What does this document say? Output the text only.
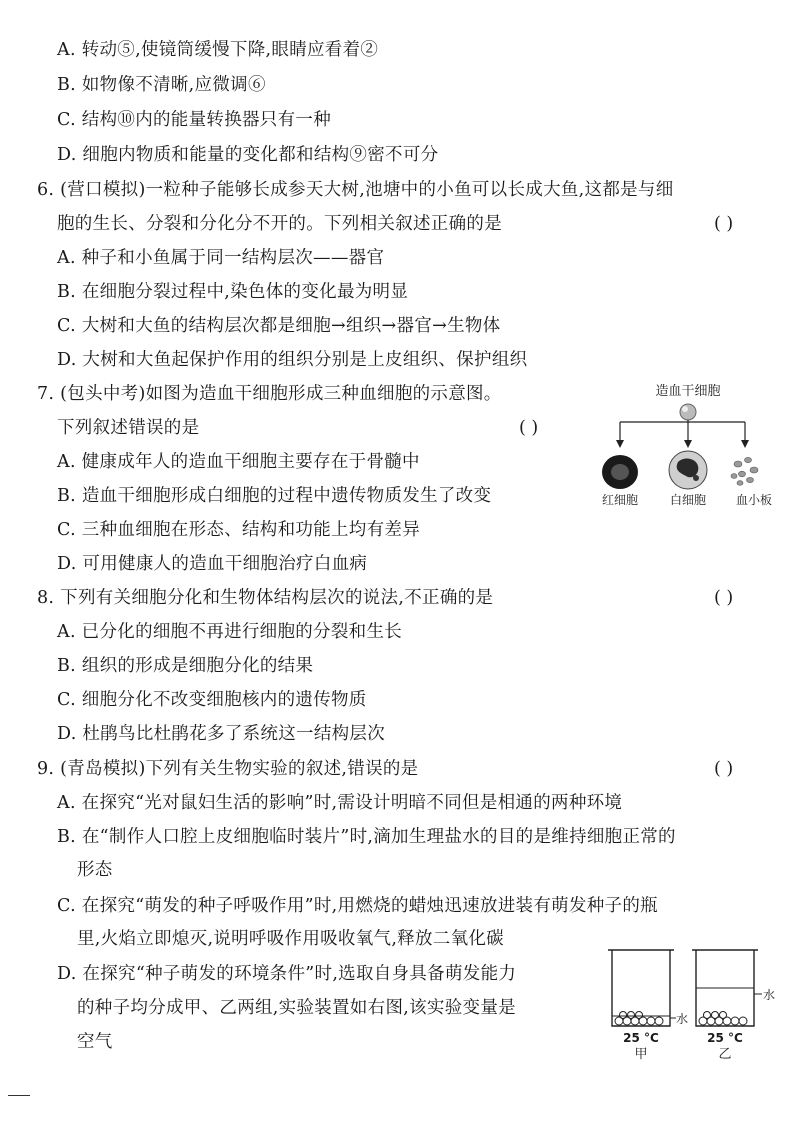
A. 转动⑤,使镜筒缓慢下降,眼睛应看着②
B. 如物像不清晰,应微调⑥
C. 结构⑩内的能量转换器只有一种
D. 细胞内物质和能量的变化都和结构⑨密不可分
6. (营口模拟)一粒种子能够长成参天大树,池塘中的小鱼可以长成大鱼,这都是与细
胞的生长、分裂和分化分不开的。下列相关叙述正确的是	( )
A. 种子和小鱼属于同一结构层次——器官
B. 在细胞分裂过程中,染色体的变化最为明显
C. 大树和大鱼的结构层次都是细胞→组织→器官→生物体
D. 大树和大鱼起保护作用的组织分别是上皮组织、保护组织
7. (包头中考)如图为造血干细胞形成三种血细胞的示意图。
下列叙述错误的是	( )
A. 健康成年人的造血干细胞主要存在于骨髓中
B. 造血干细胞形成白细胞的过程中遗传物质发生了改变
C. 三种血细胞在形态、结构和功能上均有差异
D. 可用健康人的造血干细胞治疗白血病
造血干细胞
红细胞	白细胞 血小板
8. 下列有关细胞分化和生物体结构层次的说法,不正确的是	( )
A. 已分化的细胞不再进行细胞的分裂和生长
B. 组织的形成是细胞分化的结果
C. 细胞分化不改变细胞核内的遗传物质
D. 杜鹃鸟比杜鹃花多了系统这一结构层次
9. (青岛模拟)下列有关生物实验的叙述,错误的是	( )
A. 在探究“光对鼠妇生活的影响”时,需设计明暗不同但是相通的两种环境
B. 在“制作人口腔上皮细胞临时装片”时,滴加生理盐水的目的是维持细胞正常的
形态
C. 在探究“萌发的种子呼吸作用”时,用燃烧的蜡烛迅速放进装有萌发种子的瓶
里,火焰立即熄灭,说明呼吸作用吸收氧气,释放二氧化碳
D. 在探究“种子萌发的环境条件”时,选取自身具备萌发能力
的种子均分成甲、乙两组,实验装置如右图,该实验变量是
空气
水
25 °C
甲
水
25 °C
乙
